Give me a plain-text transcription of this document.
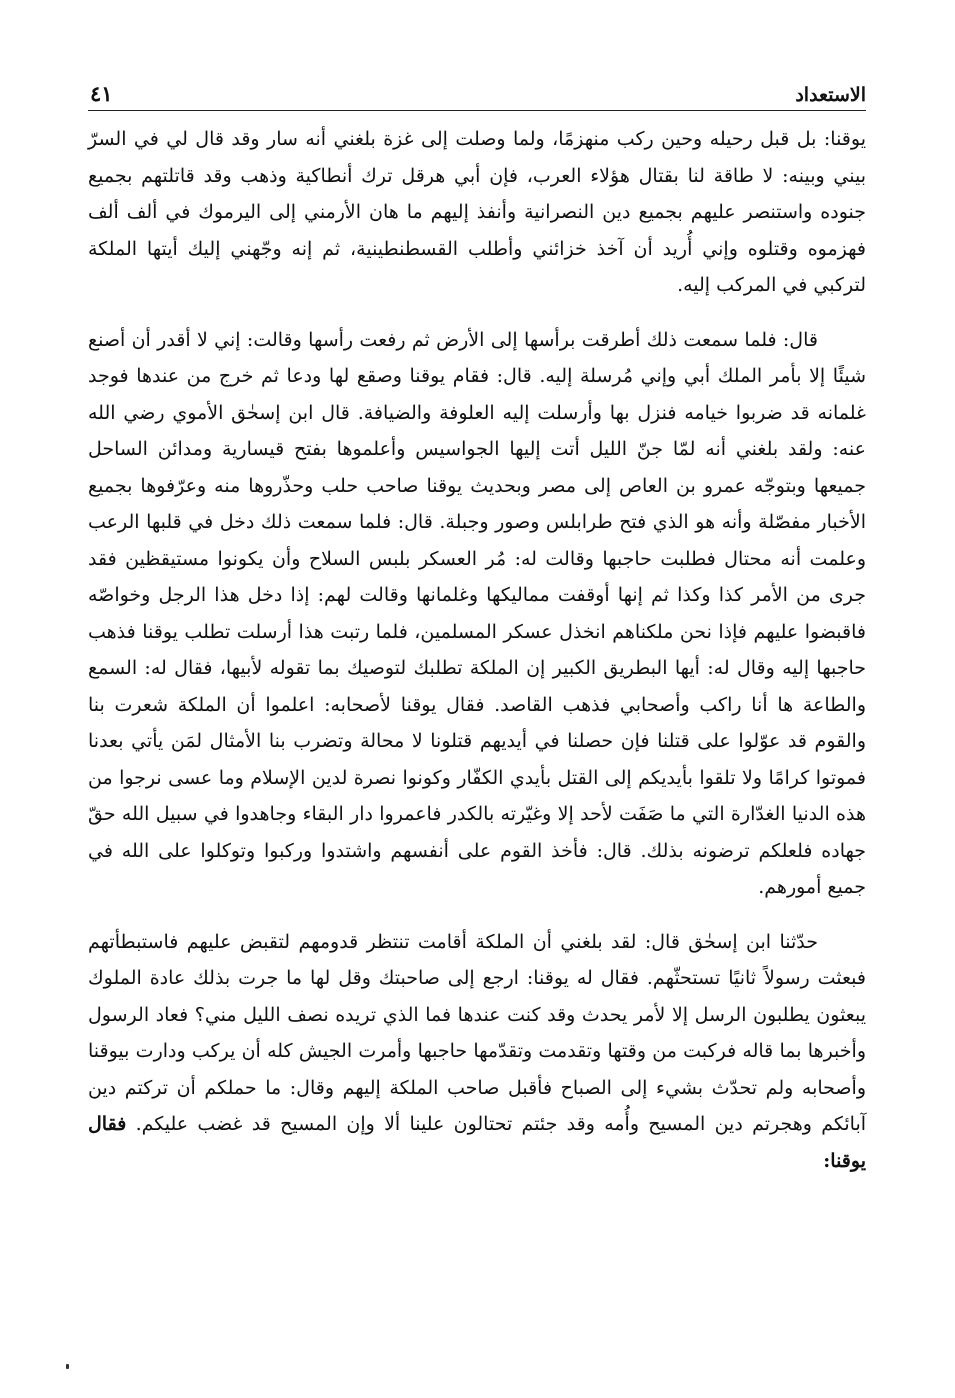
الاستعداد
٤١

يوقنا: بل قبل رحيله وحين ركب منهزمًا، ولما وصلت إلى غزة بلغني أنه سار وقد قال لي في السرّ بيني وبينه: لا طاقة لنا بقتال هؤلاء العرب، فإن أبي هرقل ترك أنطاكية وذهب وقد قاتلتهم بجميع جنوده واستنصر عليهم بجميع دين النصرانية وأنفذ إليهم ما هان الأرمني إلى اليرموك في ألف ألف فهزموه وقتلوه وإني أُريد أن آخذ خزائني وأطلب القسطنطينية، ثم إنه وجّهني إليك أيتها الملكة لتركبي في المركب إليه.

قال: فلما سمعت ذلك أطرقت برأسها إلى الأرض ثم رفعت رأسها وقالت: إني لا أقدر أن أصنع شيئًا إلا بأمر الملك أبي وإني مُرسلة إليه. قال: فقام يوقنا وصقع لها ودعا ثم خرج من عندها فوجد غلمانه قد ضربوا خيامه فنزل بها وأرسلت إليه العلوفة والضيافة. قال ابن إسحٰق الأموي رضي الله عنه: ولقد بلغني أنه لمّا جنّ الليل أتت إليها الجواسيس وأعلموها بفتح قيسارية ومدائن الساحل جميعها وبتوجّه عمرو بن العاص إلى مصر وبحديث يوقنا صاحب حلب وحذّروها منه وعرّفوها بجميع الأخبار مفصّلة وأنه هو الذي فتح طرابلس وصور وجبلة. قال: فلما سمعت ذلك دخل في قلبها الرعب وعلمت أنه محتال فطلبت حاجبها وقالت له: مُر العسكر بلبس السلاح وأن يكونوا مستيقظين فقد جرى من الأمر كذا وكذا ثم إنها أوقفت مماليكها وغلمانها وقالت لهم: إذا دخل هذا الرجل وخواصّه فاقبضوا عليهم فإذا نحن ملكناهم انخذل عسكر المسلمين، فلما رتبت هذا أرسلت تطلب يوقنا فذهب حاجبها إليه وقال له: أيها البطريق الكبير إن الملكة تطلبك لتوصيك بما تقوله لأبيها، فقال له: السمع والطاعة ها أنا راكب وأصحابي فذهب القاصد. فقال يوقنا لأصحابه: اعلموا أن الملكة شعرت بنا والقوم قد عوّلوا على قتلنا فإن حصلنا في أيديهم قتلونا لا محالة وتضرب بنا الأمثال لمَن يأتي بعدنا فموتوا كرامًا ولا تلقوا بأيديكم إلى القتل بأيدي الكفّار وكونوا نصرة لدين الإسلام وما عسى نرجوا من هذه الدنيا الغدّارة التي ما صَفَت لأحد إلا وغيّرته بالكدر فاعمروا دار البقاء وجاهدوا في سبيل الله حقّ جهاده فلعلكم ترضونه بذلك. قال: فأخذ القوم على أنفسهم واشتدوا وركبوا وتوكلوا على الله في جميع أمورهم.

حدّثنا ابن إسحٰق قال: لقد بلغني أن الملكة أقامت تنتظر قدومهم لتقبض عليهم فاستبطأتهم فبعثت رسولاً ثانيًا تستحثّهم. فقال له يوقنا: ارجع إلى صاحبتك وقل لها ما جرت بذلك عادة الملوك يبعثون يطلبون الرسل إلا لأمر يحدث وقد كنت عندها فما الذي تريده نصف الليل مني؟ فعاد الرسول وأخبرها بما قاله فركبت من وقتها وتقدمت وتقدّمها حاجبها وأمرت الجيش كله أن يركب ودارت بيوقنا وأصحابه ولم تحدّث بشيء إلى الصباح فأقبل صاحب الملكة إليهم وقال: ما حملكم أن تركتم دين آبائكم وهجرتم دين المسيح وأُمه وقد جئتم تحتالون علينا ألا وإن المسيح قد غضب عليكم. فقال يوقنا:
